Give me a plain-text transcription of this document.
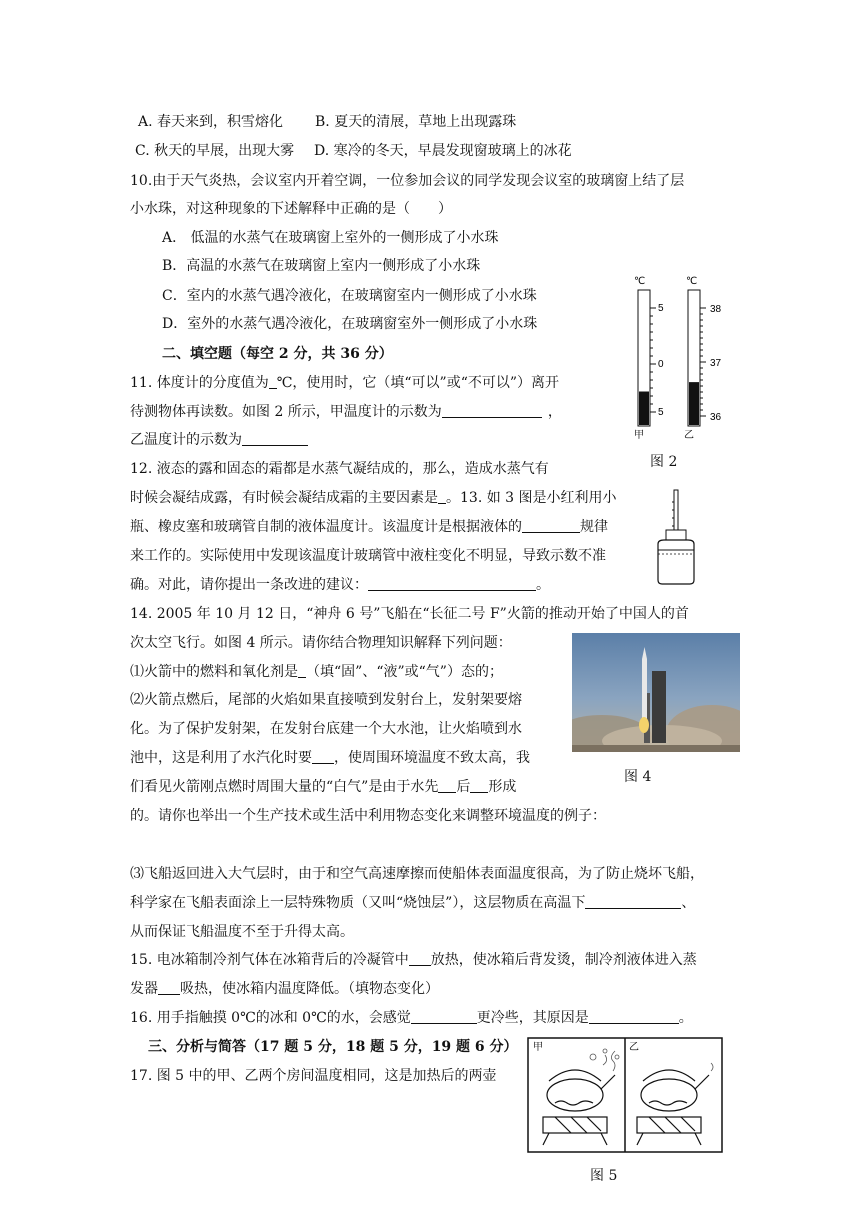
A. 春天来到，积雪熔化 B. 夏天的清展，草地上出现露珠
C. 秋天的早展，出现大雾 D. 寒冷的冬天，早晨发现窗玻璃上的冰花
10.由于天气炎热，会议室内开着空调，一位参加会议的同学发现会议室的玻璃窗上结了层
小水珠，对这种现象的下述解释中正确的是（　　）
A． 低温的水蒸气在玻璃窗上室外的一侧形成了小水珠
B．高温的水蒸气在玻璃窗上室内一侧形成了小水珠
C．室内的水蒸气遇冷液化，在玻璃窗室内一侧形成了小水珠
D．室外的水蒸气遇冷液化，在玻璃窗室外一侧形成了小水珠
二、填空题（每空 2 分，共 36 分）
11. 体度计的分度值为 ℃，使用时，它（填“可以”或“不可以”）离开
待测物体再读数。如图 2 所示，甲温度计的示数为	，
乙温度计的示数为
12. 液态的露和固态的霜都是水蒸气凝结成的，那么，造成水蒸气有
时候会凝结成露，有时候会凝结成霜的主要因素是 。13. 如 3 图是小红利用小
瓶、橡皮塞和玻璃管自制的液体温度计。该温度计是根据液体的	规律
来工作的。实际使用中发现该温度计玻璃管中液柱变化不明显，导致示数不准
确。对此，请你提出一条改进的建议：	。
14. 2005 年 10 月 12 日，“神舟 6 号”飞船在“长征二号 F”火箭的推动开始了中国人的首
次太空飞行。如图 4 所示。请你结合物理知识解释下列问题：
⑴火箭中的燃料和氧化剂是 （填“固”、“液”或“气”）态的；
⑵火箭点燃后，尾部的火焰如果直接喷到发射台上，发射架要熔
化。为了保护发射架，在发射台底建一个大水池，让火焰喷到水
池中，这是利用了水汽化时要 ，使周围环境温度不致太高，我
们看见火箭刚点燃时周围大量的“白气”是由于水先 后 形成
的。请你也举出一个生产技术或生活中利用物态变化来调整环境温度的例子：
⑶飞船返回进入大气层时，由于和空气高速摩擦而使船体表面温度很高，为了防止烧坏飞船，
科学家在飞船表面涂上一层特殊物质（又叫“烧蚀层”），这层物质在高温下	、
从而保证飞船温度不至于升得太高。
15. 电冰箱制冷剂气体在冰箱背后的冷凝管中 放热，使冰箱后背发烫，制冷剂液体进入蒸
发器 吸热，使冰箱内温度降低。（填物态变化）
16. 用手指触摸 0℃的冰和 0℃的水，会感觉	更冷些，其原因是	。
三、分析与简答（17 题 5 分，18 题 5 分，19 题 6 分）
17. 图 5 中的甲、乙两个房间温度相同，这是加热后的两壶
℃
5
0
5
甲
℃
38
37
36
乙
图 2
图 4
甲	乙
图 5
